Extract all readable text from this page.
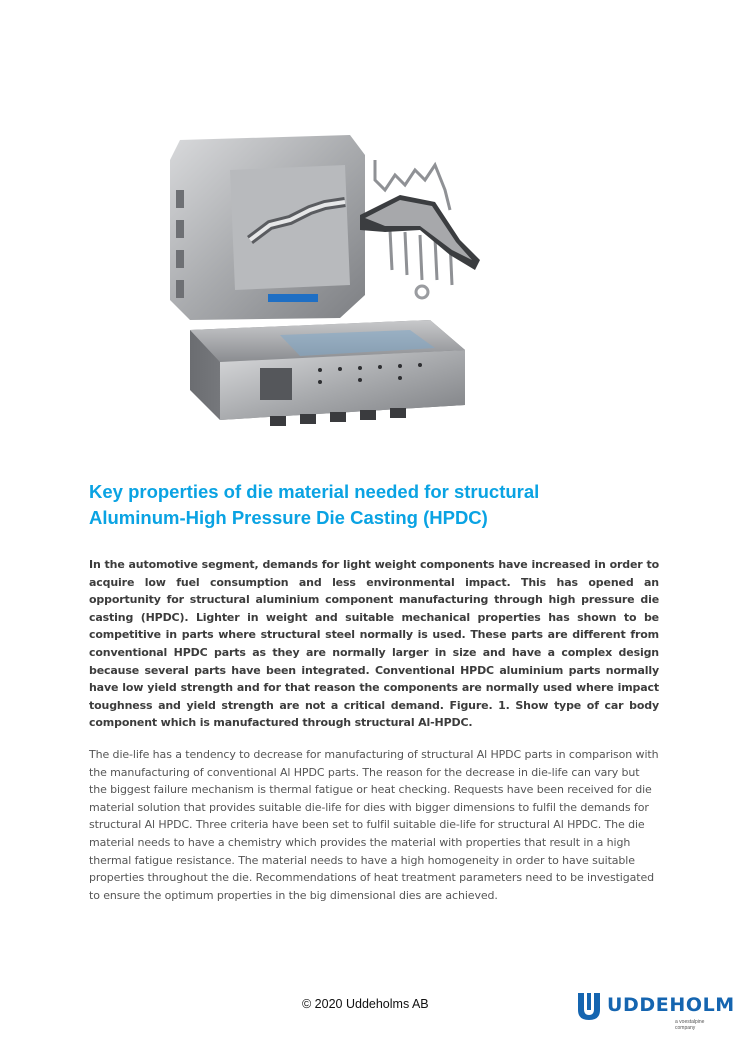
Key properties of die material needed for structural
Aluminum-High Pressure Die Casting (HPDC)

In the automotive segment, demands for light weight components have increased in order to acquire low fuel consumption and less environmental impact. This has opened an opportunity for structural aluminium component manufacturing through high pressure die casting (HPDC). Lighter in weight and suitable mechanical properties has shown to be competitive in parts where structural steel normally is used. These parts are different from conventional HPDC parts as they are normally larger in size and have a complex design because several parts have been integrated. Conventional HPDC aluminium parts normally have low yield strength and for that reason the components are normally used where impact toughness and yield strength are not a critical demand. Figure. 1. Show type of car body component which is manufactured through structural Al-HPDC.

The die-life has a tendency to decrease for manufacturing of structural Al HPDC parts in comparison with the manufacturing of conventional Al HPDC parts. The reason for the decrease in die-life can vary but the biggest failure mechanism is thermal fatigue or heat checking. Requests have been received for die material solution that provides suitable die-life for dies with bigger dimensions to fulfil the demands for structural Al HPDC. Three criteria have been set to fulfil suitable die-life for structural Al HPDC. The die material needs to have a chemistry which provides the material with properties that result in a high thermal fatigue resistance. The material needs to have a high homogeneity in order to have suitable properties throughout the die. Recommendations of heat treatment parameters need to be investigated to ensure the optimum properties in the big dimensional dies are achieved.

© 2020 Uddeholms AB	UDDEHOLM
a voestalpine company
